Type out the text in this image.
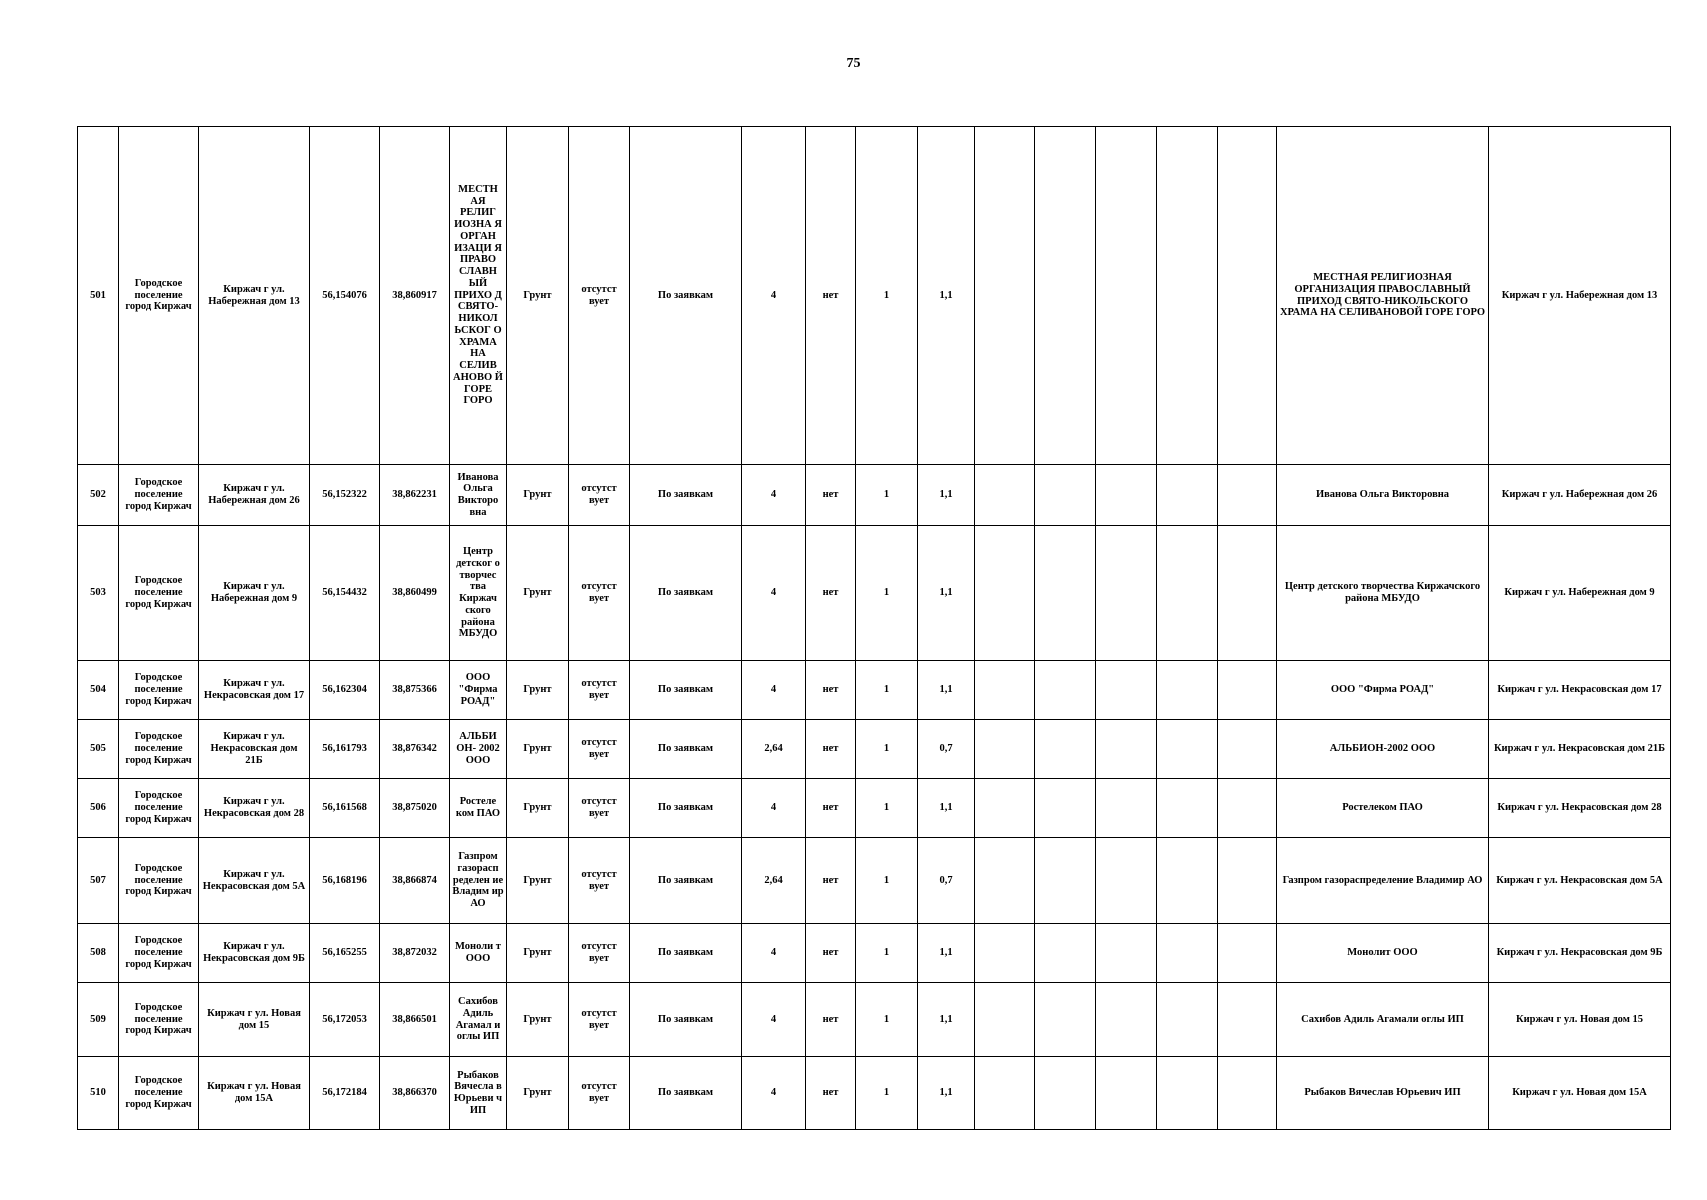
75
501	Городское поселение город Киржач	Киржач г ул. Набережная дом 13	56,154076	38,860917	МЕСТН АЯ РЕЛИГ ИОЗНА Я ОРГАН ИЗАЦИ Я ПРАВО СЛАВН ЫЙ ПРИХО Д СВЯТО- НИКОЛ ЬСКОГ О ХРАМА НА СЕЛИВ АНОВО Й ГОРЕ ГОРО	Грунт	отсутст вует	По заявкам	4	нет	1	1,1						МЕСТНАЯ РЕЛИГИОЗНАЯ ОРГАНИЗАЦИЯ ПРАВОСЛАВНЫЙ ПРИХОД СВЯТО-НИКОЛЬСКОГО ХРАМА НА СЕЛИВАНОВОЙ ГОРЕ ГОРО	Киржач г ул. Набережная дом 13
502	Городское поселение город Киржач	Киржач г ул. Набережная дом 26	56,152322	38,862231	Иванова Ольга Викторо вна	Грунт	отсутст вует	По заявкам	4	нет	1	1,1						Иванова Ольга Викторовна	Киржач г ул. Набережная дом 26
503	Городское поселение город Киржач	Киржач г ул. Набережная дом 9	56,154432	38,860499	Центр детског о творчес тва Киржач ского района МБУДО	Грунт	отсутст вует	По заявкам	4	нет	1	1,1						Центр детского творчества Киржачского района МБУДО	Киржач г ул. Набережная дом 9
504	Городское поселение город Киржач	Киржач г ул. Некрасовская дом 17	56,162304	38,875366	ООО "Фирма РОАД"	Грунт	отсутст вует	По заявкам	4	нет	1	1,1						ООО "Фирма РОАД"	Киржач г ул. Некрасовская дом 17
505	Городское поселение город Киржач	Киржач г ул. Некрасовская дом 21Б	56,161793	38,876342	АЛЬБИ ОН- 2002 ООО	Грунт	отсутст вует	По заявкам	2,64	нет	1	0,7						АЛЬБИОН-2002 ООО	Киржач г ул. Некрасовская дом 21Б
506	Городское поселение город Киржач	Киржач г ул. Некрасовская дом 28	56,161568	38,875020	Ростеле ком ПАО	Грунт	отсутст вует	По заявкам	4	нет	1	1,1						Ростелеком ПАО	Киржач г ул. Некрасовская дом 28
507	Городское поселение город Киржач	Киржач г ул. Некрасовская дом 5А	56,168196	38,866874	Газпром газорасп ределен ие Владим ир АО	Грунт	отсутст вует	По заявкам	2,64	нет	1	0,7						Газпром газораспределение Владимир АО	Киржач г ул. Некрасовская дом 5А
508	Городское поселение город Киржач	Киржач г ул. Некрасовская дом 9Б	56,165255	38,872032	Моноли т ООО	Грунт	отсутст вует	По заявкам	4	нет	1	1,1						Монолит ООО	Киржач г ул. Некрасовская дом 9Б
509	Городское поселение город Киржач	Киржач г ул. Новая дом 15	56,172053	38,866501	Сахибов Адиль Агамал и оглы ИП	Грунт	отсутст вует	По заявкам	4	нет	1	1,1						Сахибов Адиль Агамали оглы ИП	Киржач г ул. Новая дом 15
510	Городское поселение город Киржач	Киржач г ул. Новая дом 15А	56,172184	38,866370	Рыбаков Вячесла в Юрьеви ч ИП	Грунт	отсутст вует	По заявкам	4	нет	1	1,1						Рыбаков Вячеслав Юрьевич ИП	Киржач г ул. Новая дом 15А
